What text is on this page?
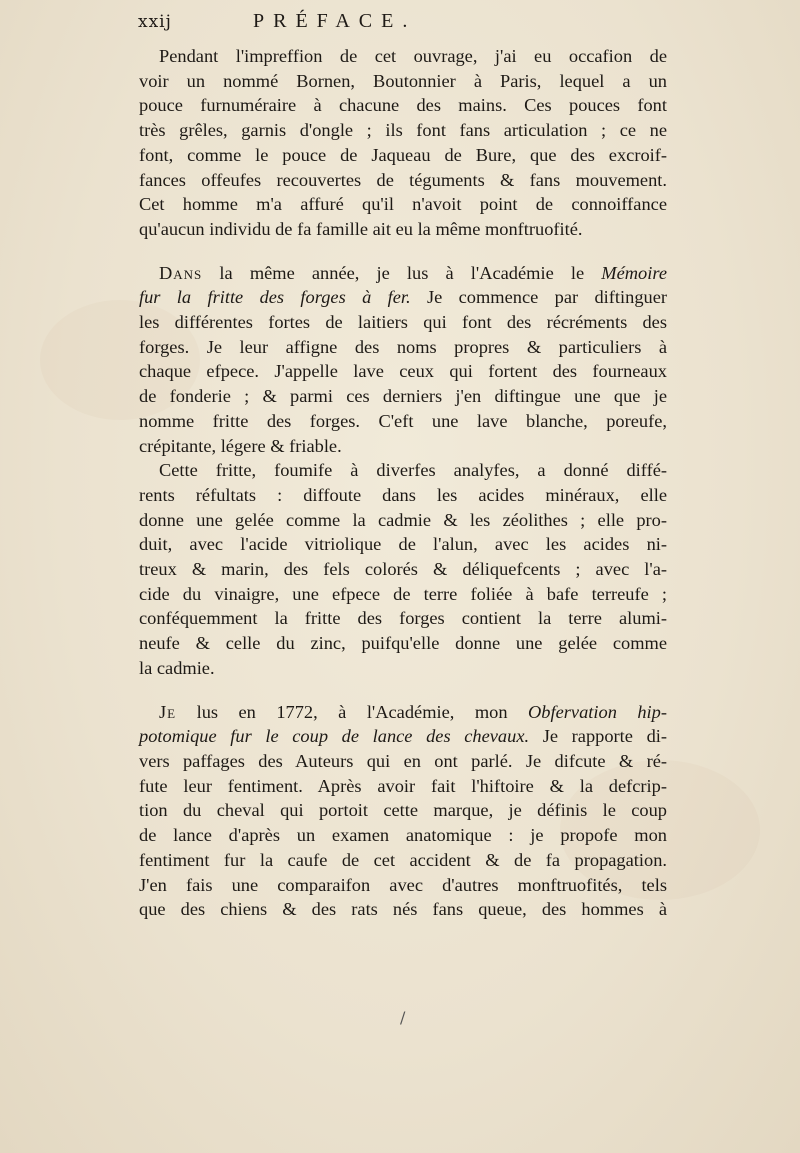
xxij	PRÉFACE.

Pendant l'impreffion de cet ouvrage, j'ai eu occafion de
voir un nommé Bornen, Boutonnier à Paris, lequel a un
pouce furnuméraire à chacune des mains. Ces pouces font
très grêles, garnis d'ongle ; ils font fans articulation ; ce ne
font, comme le pouce de Jaqueau de Bure, que des excroif-
fances offeufes recouvertes de téguments & fans mouvement.
Cet homme m'a affuré qu'il n'avoit point de connoiffance
qu'aucun individu de fa famille ait eu la même monftruofité.

Dans la même année, je lus à l'Académie le Mémoire
fur la fritte des forges à fer. Je commence par diftinguer
les différentes fortes de laitiers qui font des récréments des
forges. Je leur affigne des noms propres & particuliers à
chaque efpece. J'appelle lave ceux qui fortent des fourneaux
de fonderie ; & parmi ces derniers j'en diftingue une que je
nomme fritte des forges. C'eft une lave blanche, poreufe,
crépitante, légere & friable.

Cette fritte, foumife à diverfes analyfes, a donné diffé-
rents réfultats : diffoute dans les acides minéraux, elle
donne une gelée comme la cadmie & les zéolithes ; elle pro-
duit, avec l'acide vitriolique de l'alun, avec les acides ni-
treux & marin, des fels colorés & déliquefcents ; avec l'a-
cide du vinaigre, une efpece de terre foliée à bafe terreufe ;
conféquemment la fritte des forges contient la terre alumi-
neufe & celle du zinc, puifqu'elle donne une gelée comme
la cadmie.

Je lus en 1772, à l'Académie, mon Obfervation hip-
potomique fur le coup de lance des chevaux. Je rapporte di-
vers paffages des Auteurs qui en ont parlé. Je difcute & ré-
fute leur fentiment. Après avoir fait l'hiftoire & la defcrip-
tion du cheval qui portoit cette marque, je définis le coup
de lance d'après un examen anatomique : je propofe mon
fentiment fur la caufe de cet accident & de fa propagation.
J'en fais une comparaifon avec d'autres monftruofités, tels
que des chiens & des rats nés fans queue, des hommes à

/
